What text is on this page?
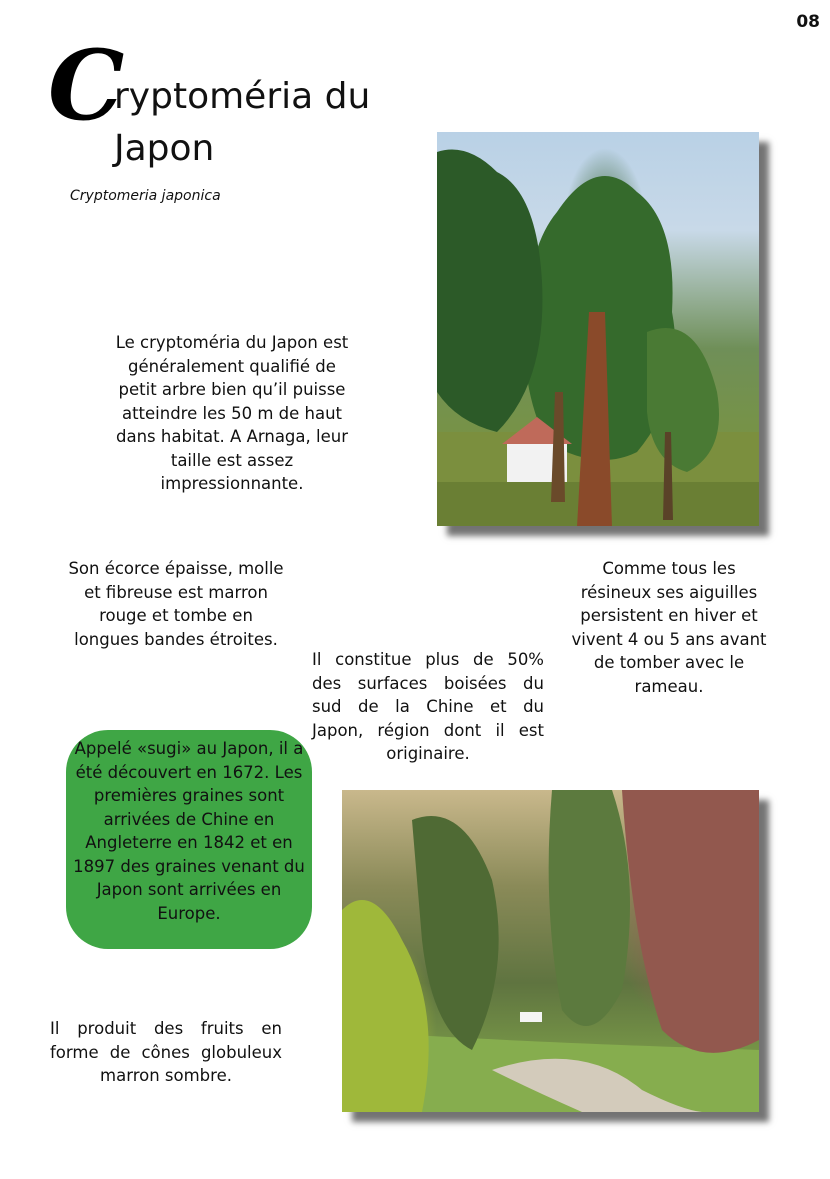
08
C
ryptoméria du
Japon
Cryptomeria japonica
Le cryptoméria du Japon est généralement qualifié de petit arbre bien qu’il puisse atteindre les 50 m de haut dans habitat. A Arnaga, leur taille est assez impressionnante.
Son écorce épaisse, molle et fibreuse est marron rouge et tombe en longues bandes étroites.
Comme tous les résineux ses aiguilles persistent en hiver et vivent 4 ou 5 ans avant de tomber avec le rameau.
Il constitue plus de 50% des surfaces boisées du sud de la Chine et du Japon, région dont il est originaire.
Appelé «sugi» au Japon, il a été découvert en 1672. Les premières graines sont arrivées de Chine en Angleterre en 1842 et en 1897 des graines venant du Japon sont arrivées en Europe.
Il produit des fruits en forme de cônes globuleux marron sombre.
